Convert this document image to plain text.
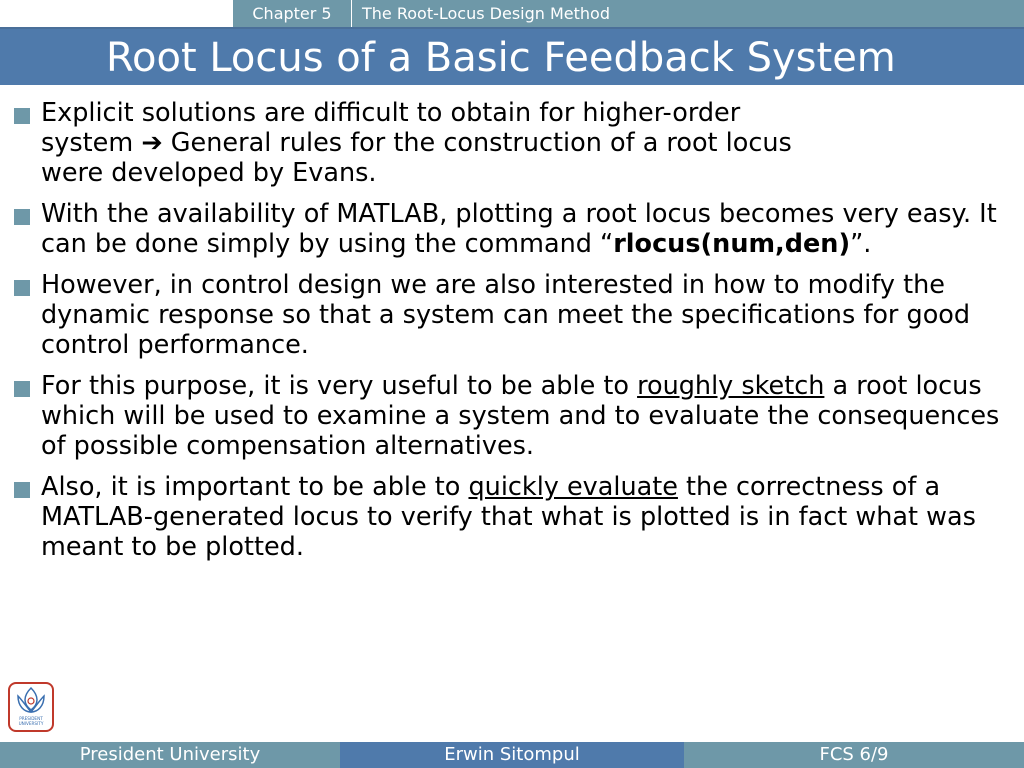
Chapter 5	The Root-Locus Design Method
Root Locus of a Basic Feedback System
Explicit solutions are difficult to obtain for higher-order
system ➔ General rules for the construction of a root locus
were developed by Evans.
With the availability of MATLAB, plotting a root locus becomes very easy. It can be done simply by using the command “rlocus(num,den)”.
However, in control design we are also interested in how to modify the dynamic response so that a system can meet the specifications for good control performance.
For this purpose, it is very useful to be able to roughly sketch a root locus which will be used to examine a system and to evaluate the consequences of possible compensation alternatives.
Also, it is important to be able to quickly evaluate the correctness of a MATLAB-generated locus to verify that what is plotted is in fact what was meant to be plotted.
PRESIDENT
UNIVERSITY
President University	Erwin Sitompul	FCS 6/9
